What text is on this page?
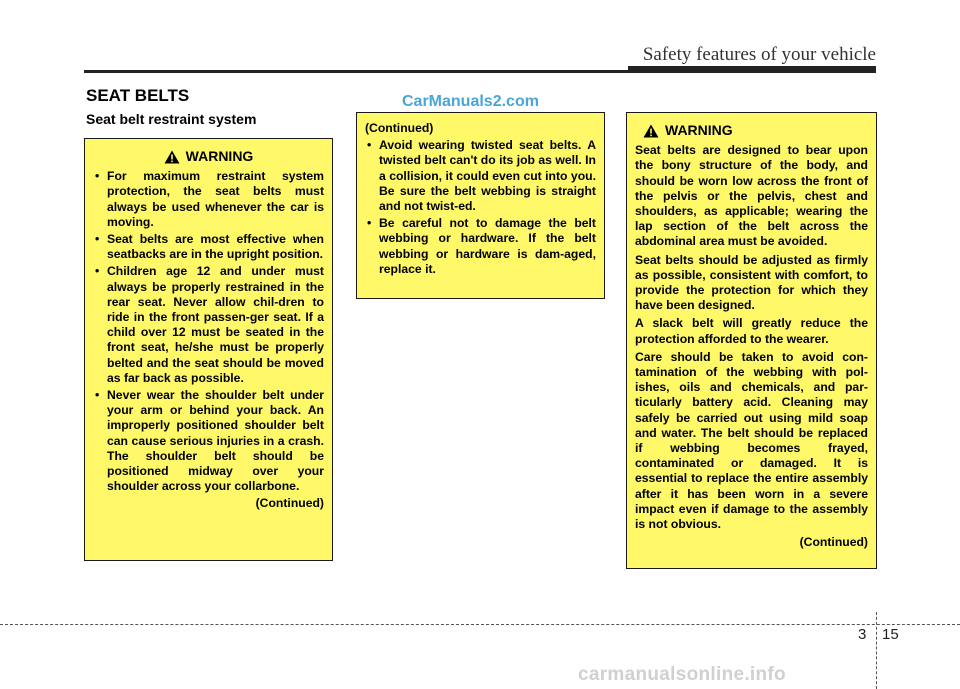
Safety features of your vehicle
SEAT BELTS
Seat belt restraint system
CarManuals2.com
WARNING
• For maximum restraint system protection, the seat belts must always be used whenever the car is moving.
• Seat belts are most effective when seatbacks are in the upright position.
• Children age 12 and under must always be properly restrained in the rear seat. Never allow chil-dren to ride in the front passen-ger seat. If a child over 12 must be seated in the front seat, he/she must be properly belted and the seat should be moved as far back as possible.
• Never wear the shoulder belt under your arm or behind your back. An improperly positioned shoulder belt can cause serious injuries in a crash. The shoulder belt should be positioned midway over your shoulder across your collarbone.
(Continued)
(Continued)
• Avoid wearing twisted seat belts. A twisted belt can't do its job as well. In a collision, it could even cut into you. Be sure the belt webbing is straight and not twist-ed.
• Be careful not to damage the belt webbing or hardware. If the belt webbing or hardware is dam-aged, replace it.
WARNING

Seat belts are designed to bear upon the bony structure of the body, and should be worn low across the front of the pelvis or the pelvis, chest and shoulders, as applicable; wearing the lap section of the belt across the abdominal area must be avoided.

Seat belts should be adjusted as firmly as possible, consistent with comfort, to provide the protection for which they have been designed.

A slack belt will greatly reduce the protection afforded to the wearer.

Care should be taken to avoid con-tamination of the webbing with pol-ishes, oils and chemicals, and par-ticularly battery acid. Cleaning may safely be carried out using mild soap and water. The belt should be replaced if webbing becomes frayed, contaminated or damaged. It is essential to replace the entire assembly after it has been worn in a severe impact even if damage to the assembly is not obvious.

(Continued)
3 15
carmanualsonline.info
